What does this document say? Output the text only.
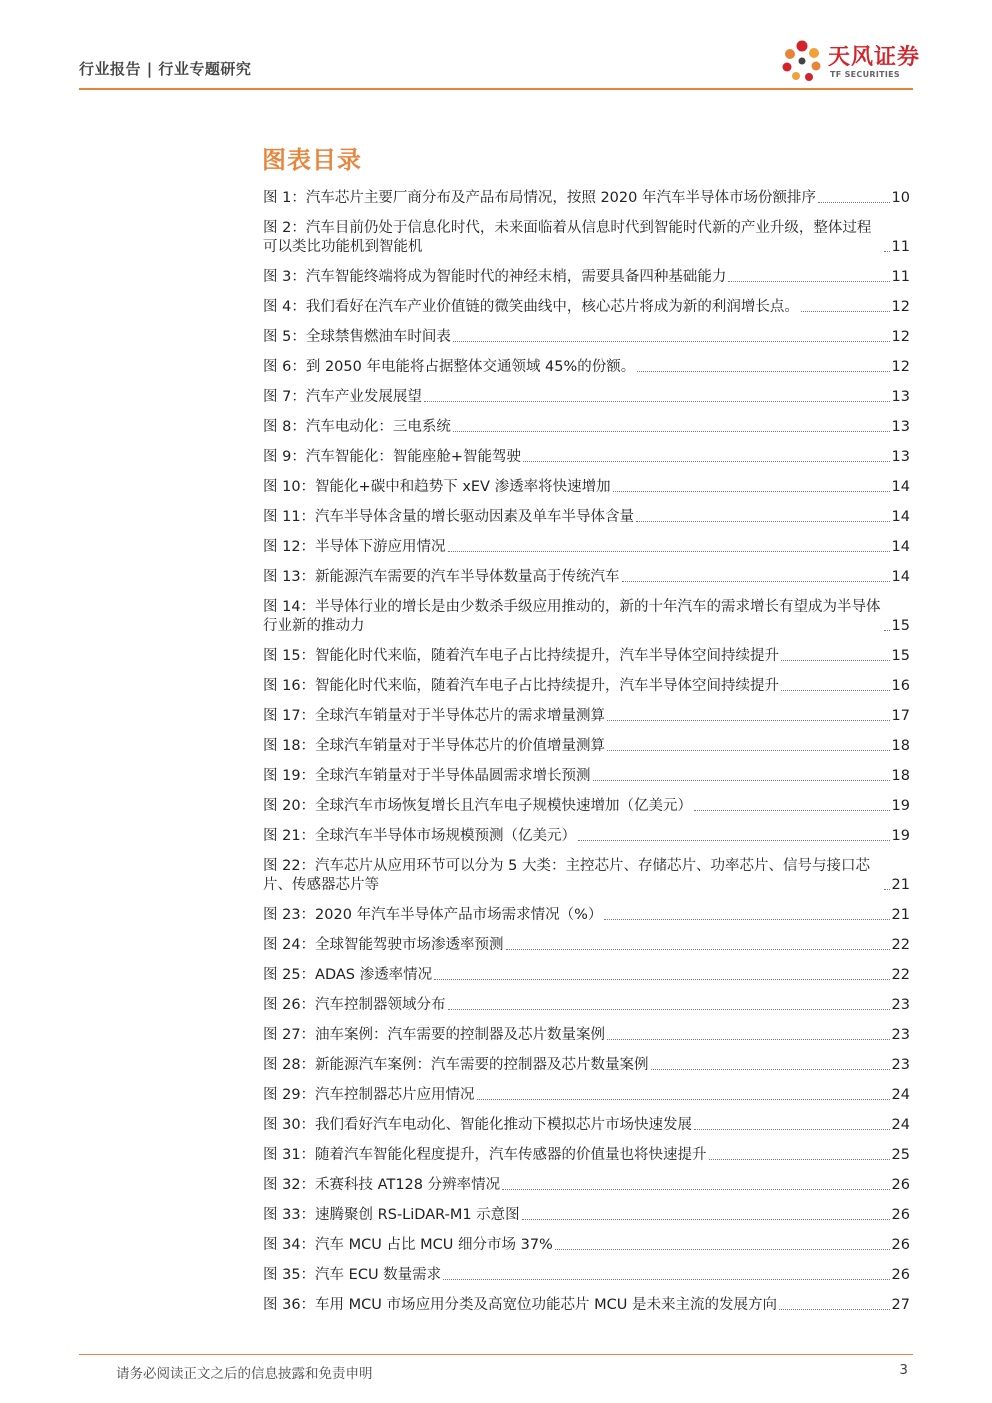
行业报告 | 行业专题研究	天风证券
TF SECURITIES
图表目录
图 1：汽车芯片主要厂商分布及产品布局情况，按照 2020 年汽车半导体市场份额排序	10
图 2：汽车目前仍处于信息化时代，未来面临着从信息时代到智能时代新的产业升级，整体过程可以类比功能机到智能机	11
图 3：汽车智能终端将成为智能时代的神经末梢，需要具备四种基础能力	11
图 4：我们看好在汽车产业价值链的微笑曲线中，核心芯片将成为新的利润增长点。	12
图 5：全球禁售燃油车时间表	12
图 6：到 2050 年电能将占据整体交通领域 45%的份额。	12
图 7：汽车产业发展展望	13
图 8：汽车电动化：三电系统	13
图 9：汽车智能化：智能座舱+智能驾驶	13
图 10：智能化+碳中和趋势下 xEV 渗透率将快速增加	14
图 11：汽车半导体含量的增长驱动因素及单车半导体含量	14
图 12：半导体下游应用情况	14
图 13：新能源汽车需要的汽车半导体数量高于传统汽车	14
图 14：半导体行业的增长是由少数杀手级应用推动的，新的十年汽车的需求增长有望成为半导体行业新的推动力	15
图 15：智能化时代来临，随着汽车电子占比持续提升，汽车半导体空间持续提升	15
图 16：智能化时代来临，随着汽车电子占比持续提升，汽车半导体空间持续提升	16
图 17：全球汽车销量对于半导体芯片的需求增量测算	17
图 18：全球汽车销量对于半导体芯片的价值增量测算	18
图 19：全球汽车销量对于半导体晶圆需求增长预测	18
图 20：全球汽车市场恢复增长且汽车电子规模快速增加（亿美元）	19
图 21：全球汽车半导体市场规模预测（亿美元）	19
图 22：汽车芯片从应用环节可以分为 5 大类：主控芯片、存储芯片、功率芯片、信号与接口芯片、传感器芯片等	21
图 23：2020 年汽车半导体产品市场需求情况（%）	21
图 24：全球智能驾驶市场渗透率预测	22
图 25：ADAS 渗透率情况	22
图 26：汽车控制器领域分布	23
图 27：油车案例：汽车需要的控制器及芯片数量案例	23
图 28：新能源汽车案例：汽车需要的控制器及芯片数量案例	23
图 29：汽车控制器芯片应用情况	24
图 30：我们看好汽车电动化、智能化推动下模拟芯片市场快速发展	24
图 31：随着汽车智能化程度提升，汽车传感器的价值量也将快速提升	25
图 32：禾赛科技 AT128 分辨率情况	26
图 33：速腾聚创 RS-LiDAR-M1 示意图	26
图 34：汽车 MCU 占比 MCU 细分市场 37%	26
图 35：汽车 ECU 数量需求	26
图 36：车用 MCU 市场应用分类及高宽位功能芯片 MCU 是未来主流的发展方向	27
请务必阅读正文之后的信息披露和免责申明	3
